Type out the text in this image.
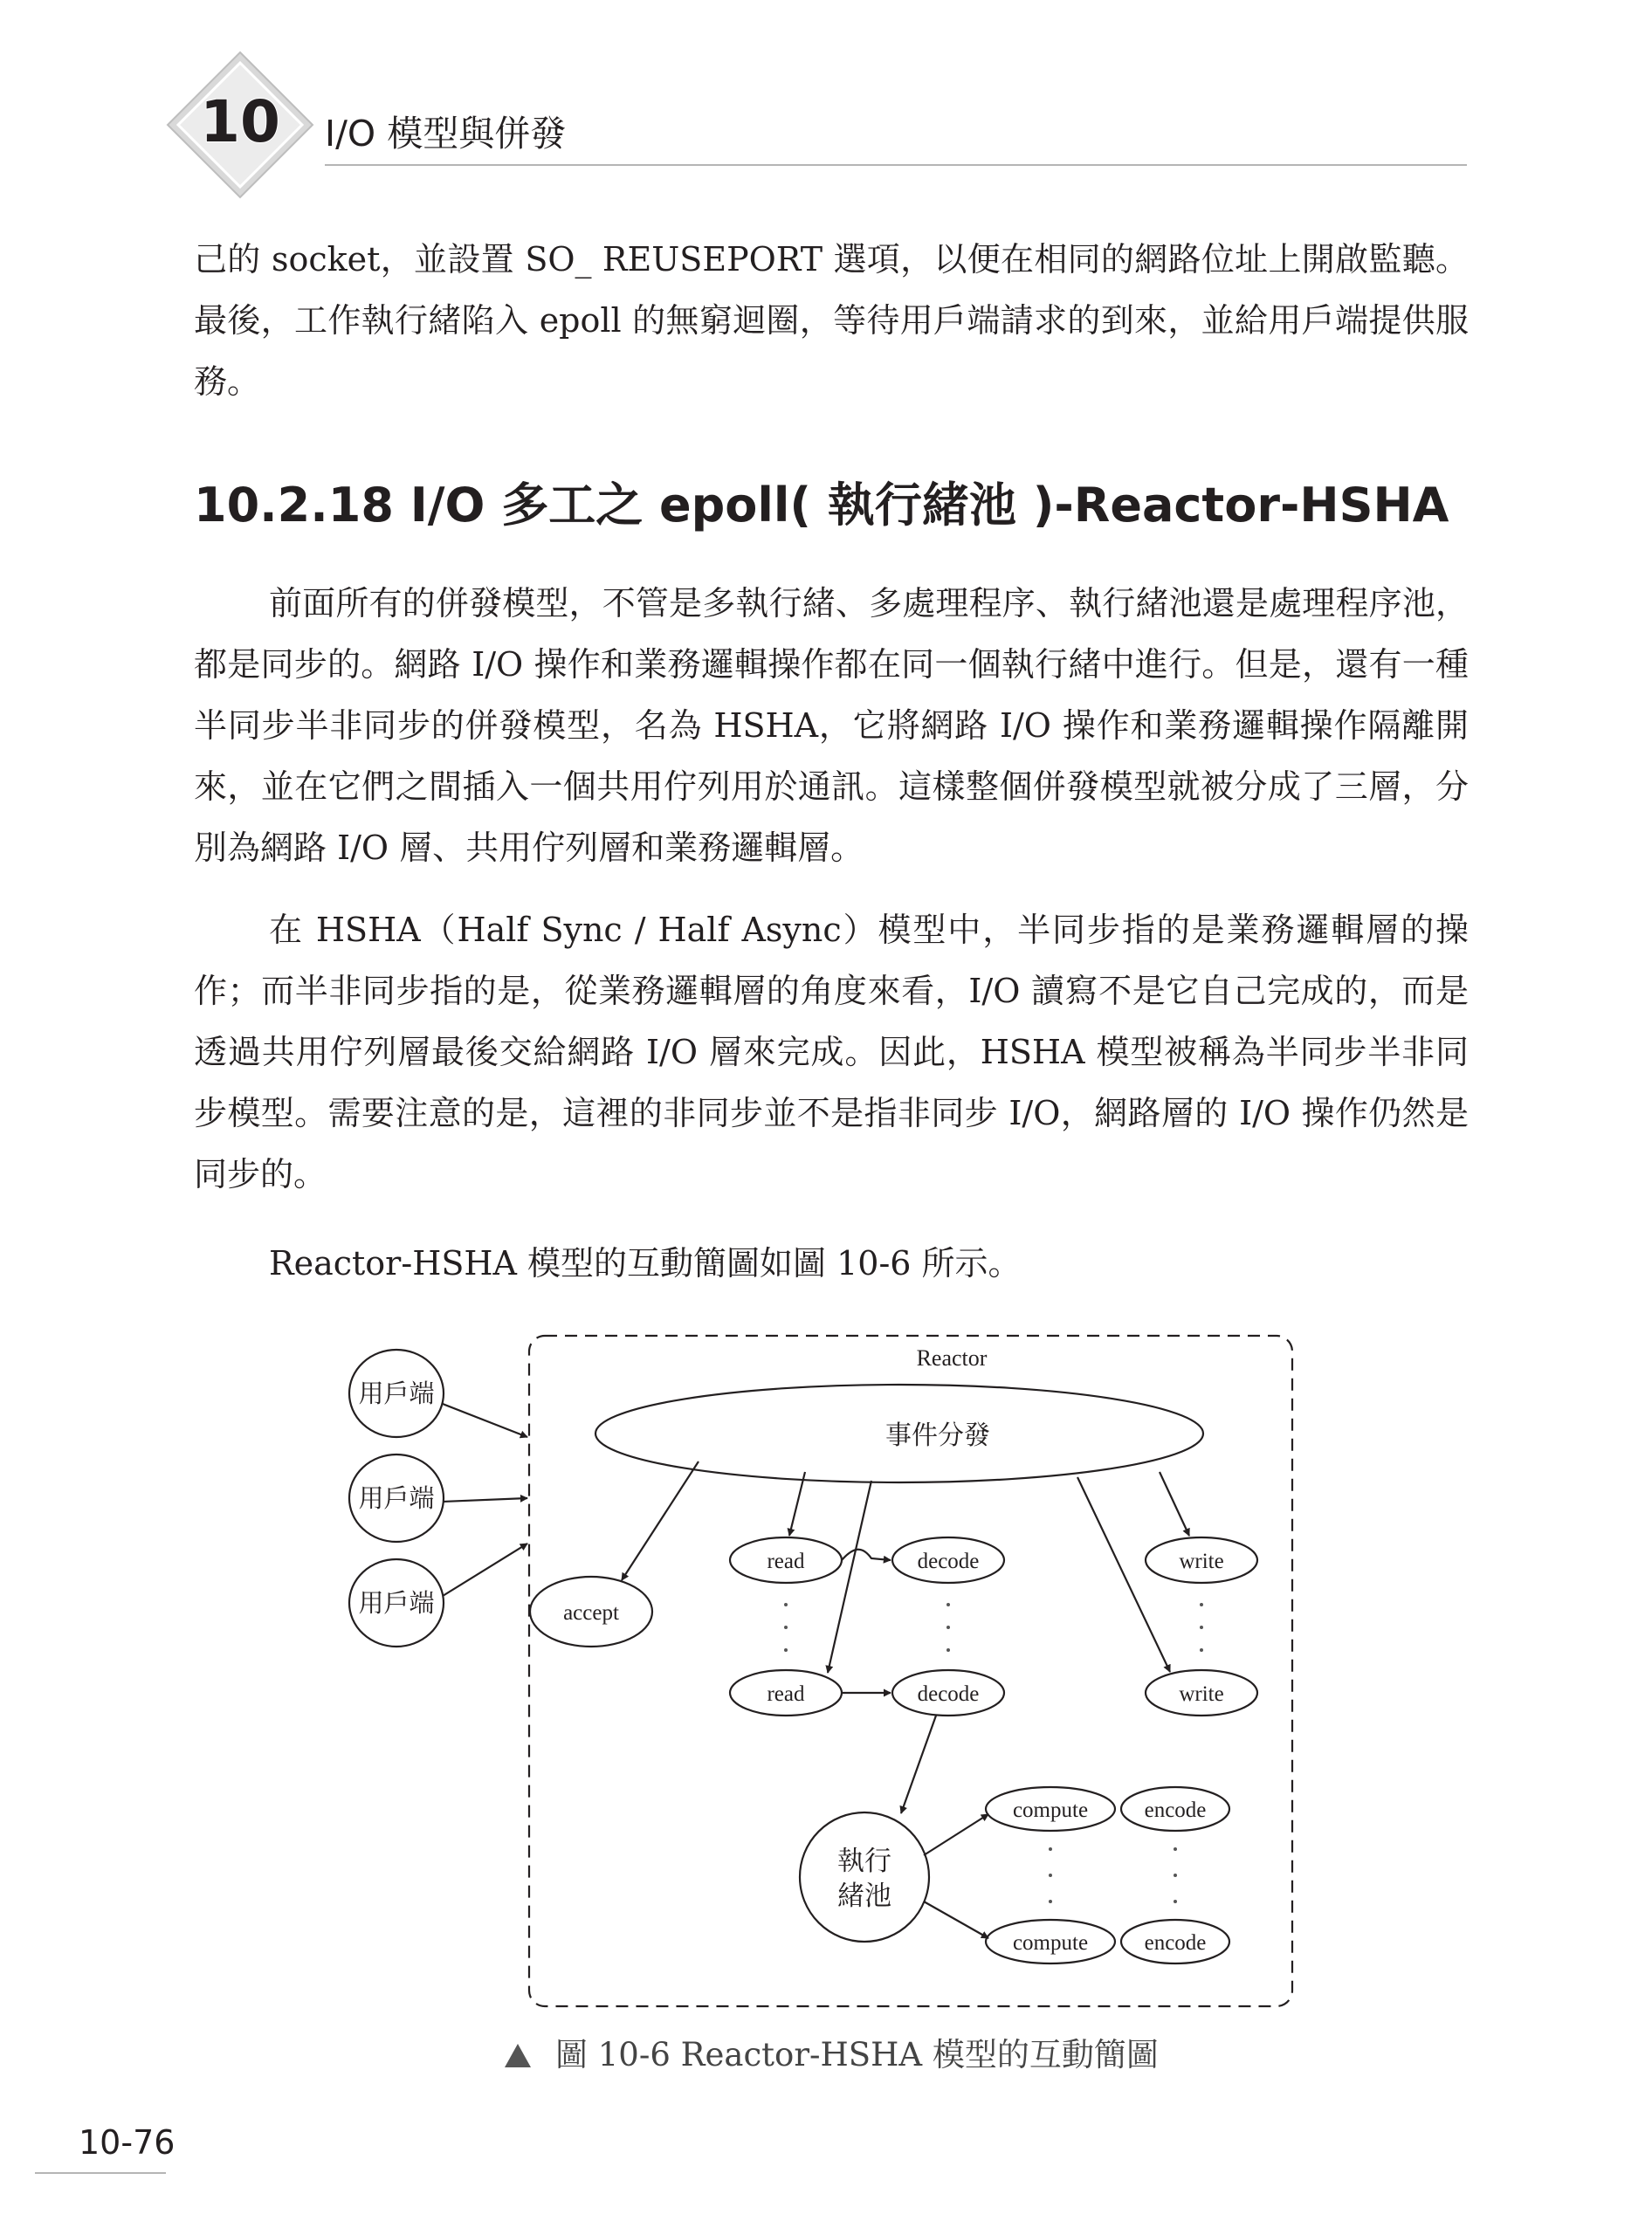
10 I/O 模型與併發

己的 socket，並設置 SO_ REUSEPORT 選項，以便在相同的網路位址上開啟監聽。最後，工作執行緒陷入 epoll 的無窮迴圈，等待用戶端請求的到來，並給用戶端提供服務。

10.2.18 I/O 多工之 epoll( 執行緒池 )-Reactor-HSHA

前面所有的併發模型，不管是多執行緒、多處理程序、執行緒池還是處理程序池，都是同步的。網路 I/O 操作和業務邏輯操作都在同一個執行緒中進行。但是，還有一種半同步半非同步的併發模型，名為 HSHA，它將網路 I/O 操作和業務邏輯操作隔離開來，並在它們之間插入一個共用佇列用於通訊。這樣整個併發模型就被分成了三層，分別為網路 I/O 層、共用佇列層和業務邏輯層。

在 HSHA（Half Sync / Half Async）模型中，半同步指的是業務邏輯層的操作；而半非同步指的是，從業務邏輯層的角度來看，I/O 讀寫不是它自己完成的，而是透過共用佇列層最後交給網路 I/O 層來完成。因此，HSHA 模型被稱為半同步半非同步模型。需要注意的是，這裡的非同步並不是指非同步 I/O，網路層的 I/O 操作仍然是同步的。

Reactor-HSHA 模型的互動簡圖如圖 10-6 所示。

Reactor
事件分發
用戶端
用戶端
用戶端	accept
read	decode	write
read	decode	write
執行
緒池
compute	encode
compute	encode
圖 10-6 Reactor-HSHA 模型的互動簡圖
10-76
